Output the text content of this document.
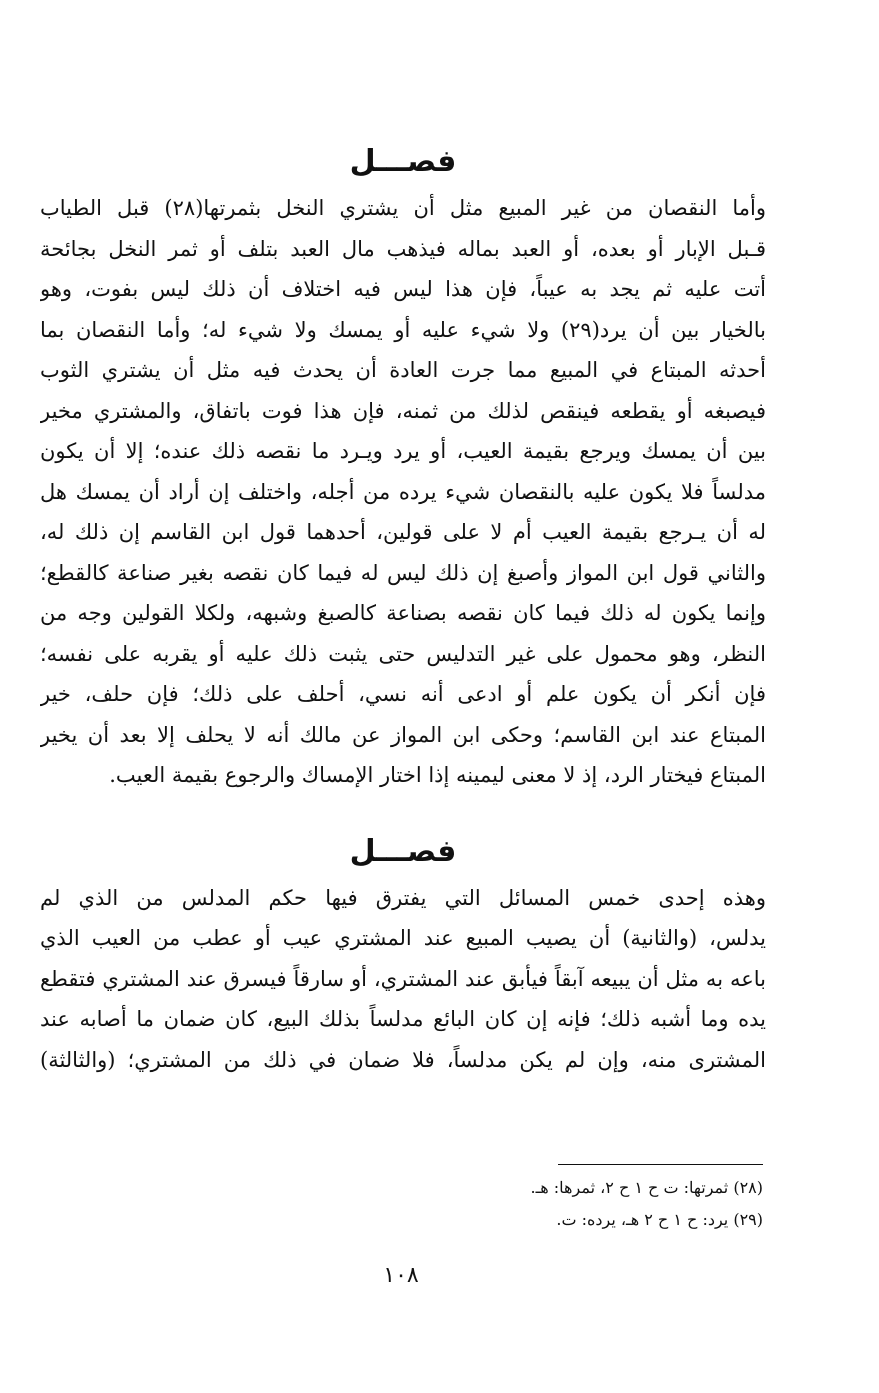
فصـــل
وأما النقصان من غير المبيع مثل أن يشتري النخل بثمرتها(٢٨) قبل الطياب
قـبل الإبار أو بعده، أو العبد بماله فيذهب مال العبد بتلف أو ثمر النخل بجائحة
أتت عليه ثم يجد به عيباً، فإن هذا ليس فيه اختلاف أن ذلك ليس بفوت، وهو
بالخيار بين أن يرد(٢٩) ولا شيء عليه أو يمسك ولا شيء له؛ وأما النقصان بما
أحدثه المبتاع في المبيع مما جرت العادة أن يحدث فيه مثل أن يشتري الثوب
فيصبغه أو يقطعه فينقص لذلك من ثمنه، فإن هذا فوت باتفاق، والمشتري مخير
بين أن يمسك ويرجع بقيمة العيب، أو يرد ويـرد ما نقصه ذلك عنده؛ إلا أن يكون
مدلساً فلا يكون عليه بالنقصان شيء يرده من أجله، واختلف إن أراد أن يمسك هل
له أن يـرجع بقيمة العيب أم لا على قولين، أحدهما قول ابن القاسم إن ذلك له،
والثاني قول ابن المواز وأصبغ إن ذلك ليس له فيما كان نقصه بغير صناعة كالقطع؛
وإنما يكون له ذلك فيما كان نقصه بصناعة كالصبغ وشبهه، ولكلا القولين وجه من
النظر، وهو محمول على غير التدليس حتى يثبت ذلك عليه أو يقربه على نفسه؛
فإن أنكر أن يكون علم أو ادعى أنه نسي، أحلف على ذلك؛ فإن حلف، خير
المبتاع عند ابن القاسم؛ وحكى ابن المواز عن مالك أنه لا يحلف إلا بعد أن يخير
المبتاع فيختار الرد، إذ لا معنى ليمينه إذا اختار الإمساك والرجوع بقيمة العيب.
فصـــل
وهذه إحدى خمس المسائل التي يفترق فيها حكم المدلس من الذي لم
يدلس، (والثانية) أن يصيب المبيع عند المشتري عيب أو عطب من العيب الذي
باعه به مثل أن يبيعه آبقاً فيأبق عند المشتري، أو سارقاً فيسرق عند المشتري فتقطع
يده وما أشبه ذلك؛ فإنه إن كان البائع مدلساً بذلك البيع، كان ضمان ما أصابه عند
المشترى منه، وإن لم يكن مدلساً، فلا ضمان في ذلك من المشتري؛ (والثالثة)
(٢٨) ثمرتها: ت ح ١ ح ٢، ثمرها: هـ.
(٢٩) يرد: ح ١ ح ٢ هـ، يرده: ت.
١٠٨
